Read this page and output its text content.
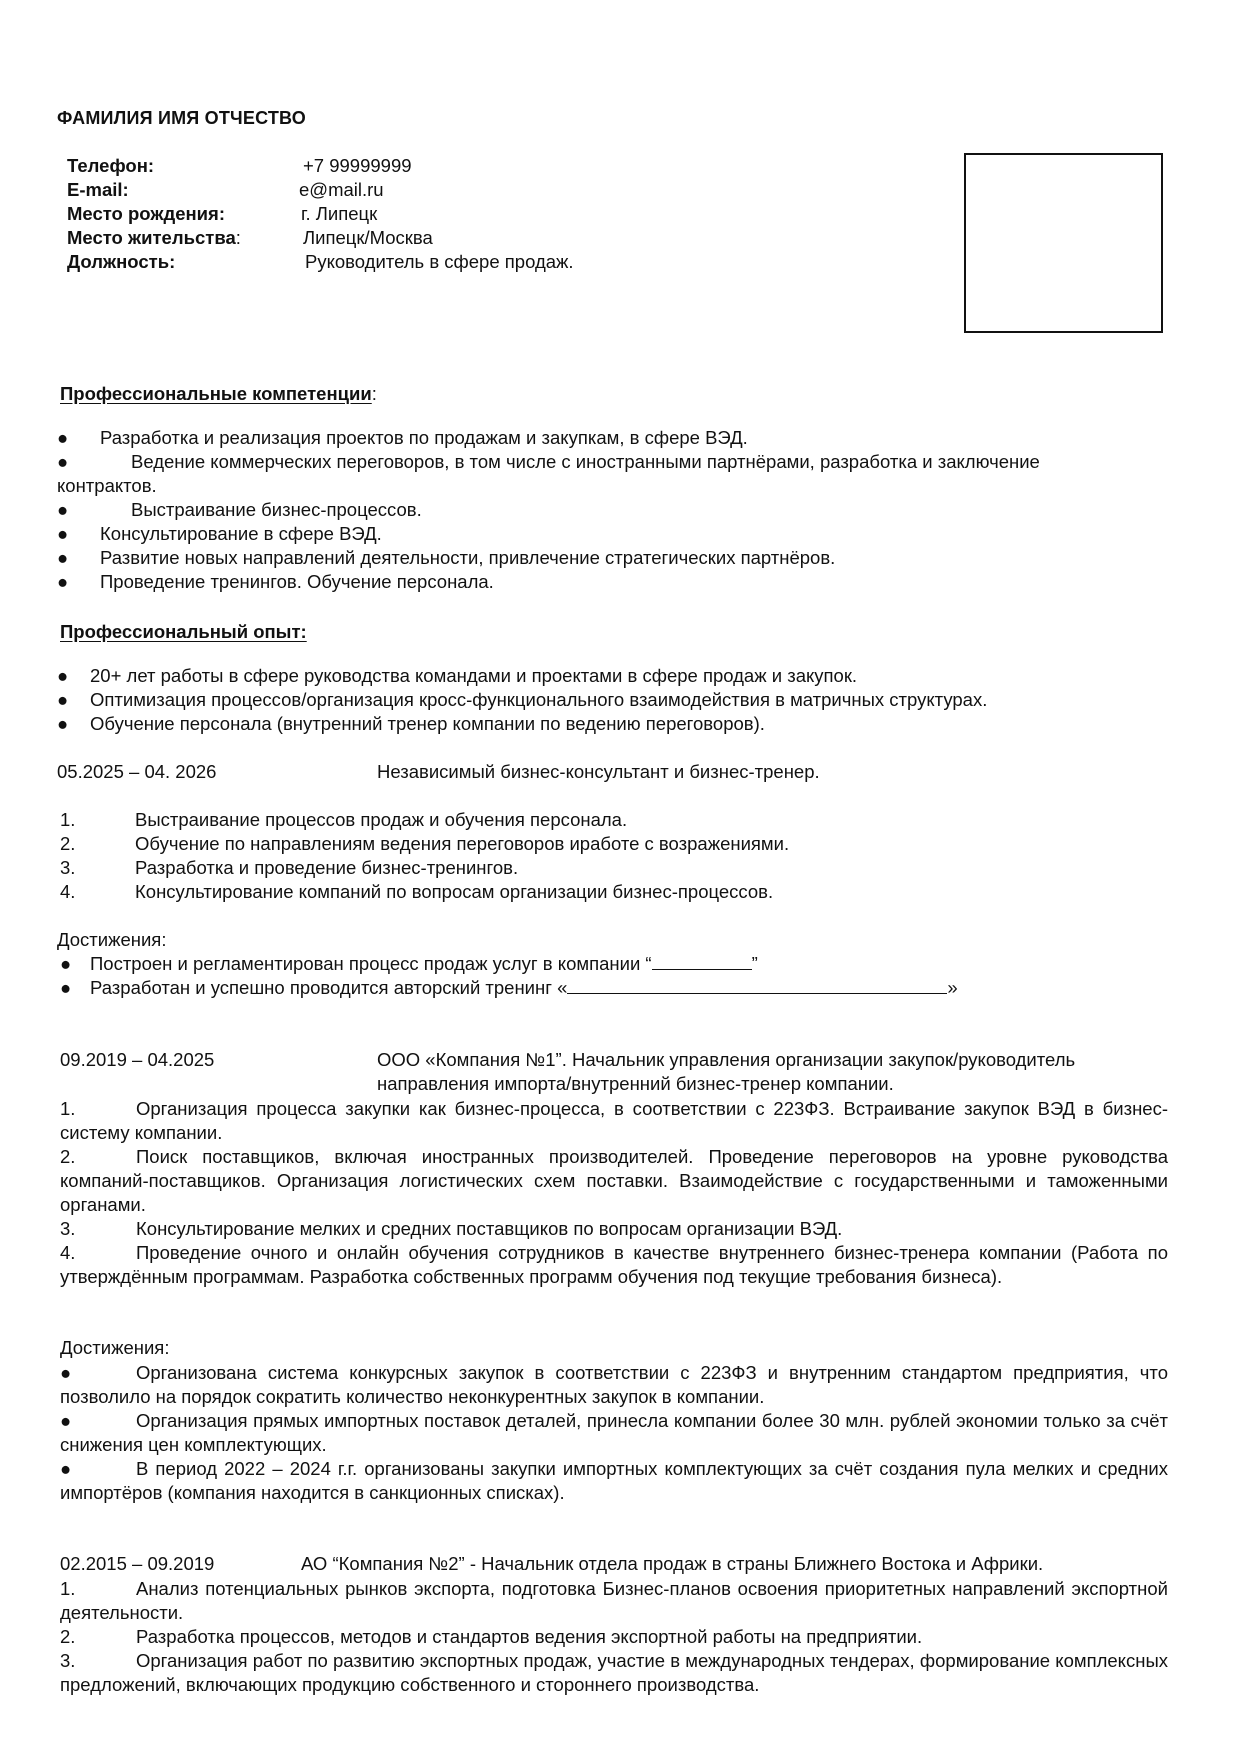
ФАМИЛИЯ ИМЯ ОТЧЕСТВО
Телефон:	+7 99999999
E-mail:	e@mail.ru
Место рождения:	г. Липецк
Место жительства:	Липецк/Москва
Должность:	Руководитель в сфере продаж.
Профессиональные компетенции:
● Разработка и реализация проектов по продажам и закупкам, в сфере ВЭД.
●	Ведение коммерческих переговоров, в том числе с иностранными партнёрами, разработка и заключение
контрактов.
●	Выстраивание бизнес-процессов.
● Консультирование в сфере ВЭД.
● Развитие новых направлений деятельности, привлечение стратегических партнёров.
● Проведение тренингов. Обучение персонала.
Профессиональный опыт:
● 20+ лет работы в сфере руководства командами и проектами в сфере продаж и закупок.
● Оптимизация процессов/организация кросс-функционального взаимодействия в матричных структурах.
● Обучение персонала (внутренний тренер компании по ведению переговоров).
05.2025 – 04. 2026	Независимый бизнес-консультант и бизнес-тренер.
1.	Выстраивание процессов продаж и обучения персонала.
2.	Обучение по направлениям ведения переговоров иработе с возражениями.
3.	Разработка и проведение бизнес-тренингов.
4.	Консультирование компаний по вопросам организации бизнес-процессов.
Достижения:
● Построен и регламентирован процесс продаж услуг в компании “	”
● Разработан и успешно проводится авторский тренинг «	»
09.2019 – 04.2025	ООО «Компания №1”. Начальник управления организации закупок/руководитель
направления импорта/внутренний бизнес-тренер компании.
1.	Организация процесса закупки как бизнес-процесса, в соответствии с 223ФЗ. Встраивание закупок ВЭД в бизнес-систему компании.
2.	Поиск поставщиков, включая иностранных производителей. Проведение переговоров на уровне руководства компаний-поставщиков. Организация логистических схем поставки. Взаимодействие с государственными и таможенными органами.
3.	Консультирование мелких и средних поставщиков по вопросам организации ВЭД.
4.	Проведение очного и онлайн обучения сотрудников в качестве внутреннего бизнес-тренера компании (Работа по утверждённым программам. Разработка собственных программ обучения под текущие требования бизнеса).
Достижения:
●	Организована система конкурсных закупок в соответствии с 223ФЗ и внутренним стандартом предприятия, что позволило на порядок сократить количество неконкурентных закупок в компании.
●	Организация прямых импортных поставок деталей, принесла компании более 30 млн. рублей экономии только за счёт снижения цен комплектующих.
●	В период 2022 – 2024 г.г. организованы закупки импортных комплектующих за счёт создания пула мелких и средних импортёров (компания находится в санкционных списках).
02.2015 – 09.2019	АО “Компания №2” - Начальник отдела продаж в страны Ближнего Востока и Африки.
1.	Анализ потенциальных рынков экспорта, подготовка Бизнес-планов освоения приоритетных направлений экспортной деятельности.
2.	Разработка процессов, методов и стандартов ведения экспортной работы на предприятии.
3.	Организация работ по развитию экспортных продаж, участие в международных тендерах, формирование комплексных предложений, включающих продукцию собственного и стороннего производства.
